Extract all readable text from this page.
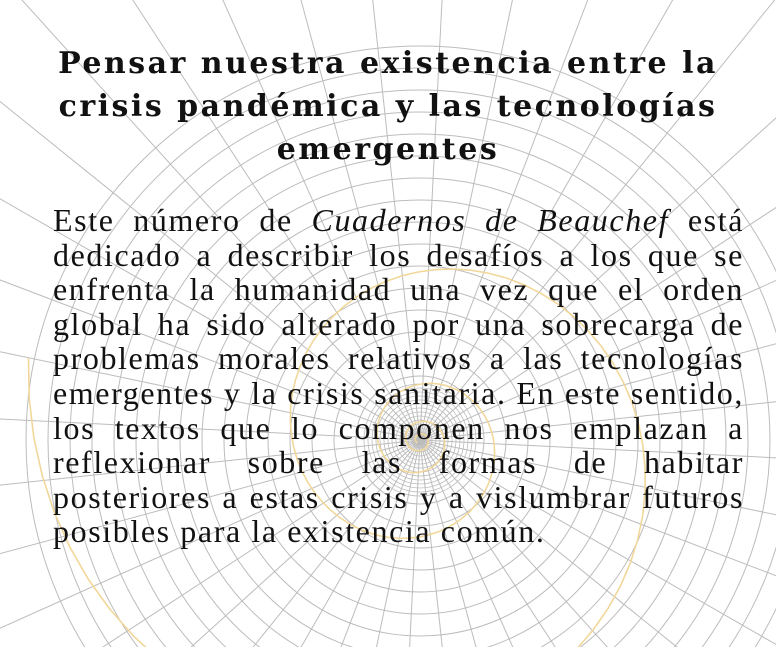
Pensar nuestra existencia entre la crisis pandémica y las tecnologías emergentes

Este número de Cuadernos de Beauchef está dedicado a describir los desafíos a los que se enfrenta la humanidad una vez que el orden global ha sido alterado por una sobrecarga de problemas morales relativos a las tecnologías emergentes y la crisis sanitaria. En este sentido, los textos que lo componen nos emplazan a reflexionar sobre las formas de habitar posteriores a estas crisis y a vislumbrar futuros posibles para la existencia común.
